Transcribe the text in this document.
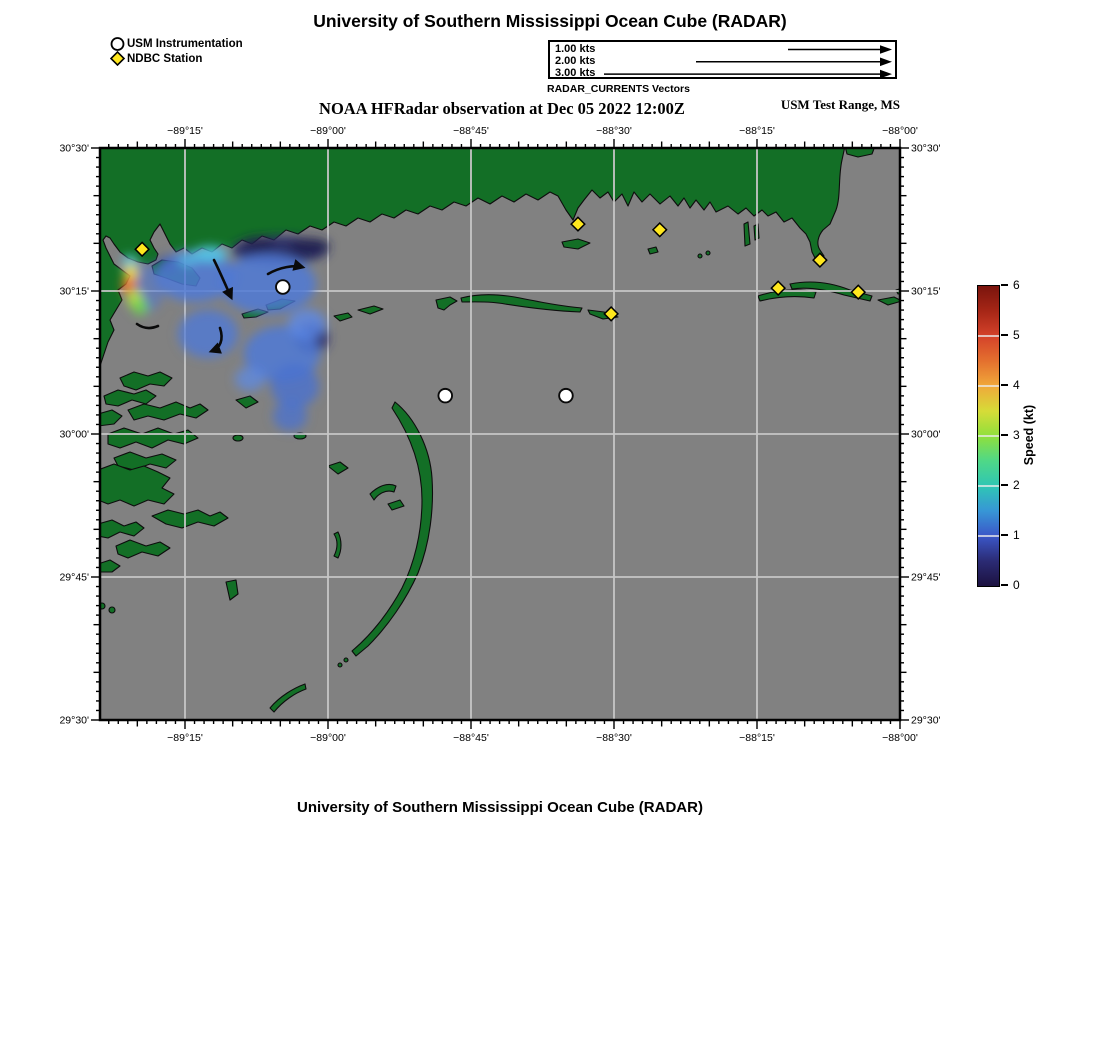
University of Southern Mississippi Ocean Cube (RADAR)
USM Instrumentation
NDBC Station
1.00 kts
2.00 kts
3.00 kts
RADAR_CURRENTS Vectors
USM Test Range, MS
NOAA HFRadar observation at Dec 05 2022 12:00Z
−89°15'
−89°15'
−89°00'
−89°00'
−88°45'
−88°45'
−88°30'
−88°30'
−88°15'
−88°15'
−88°00'
−88°00'
30°30'	30°30'
30°15'	30°15'
30°00'	30°00'
29°45'	29°45'
29°30'	29°30'
0
1
2
3
4
5
6
Speed (kt)
University of Southern Mississippi Ocean Cube (RADAR)
